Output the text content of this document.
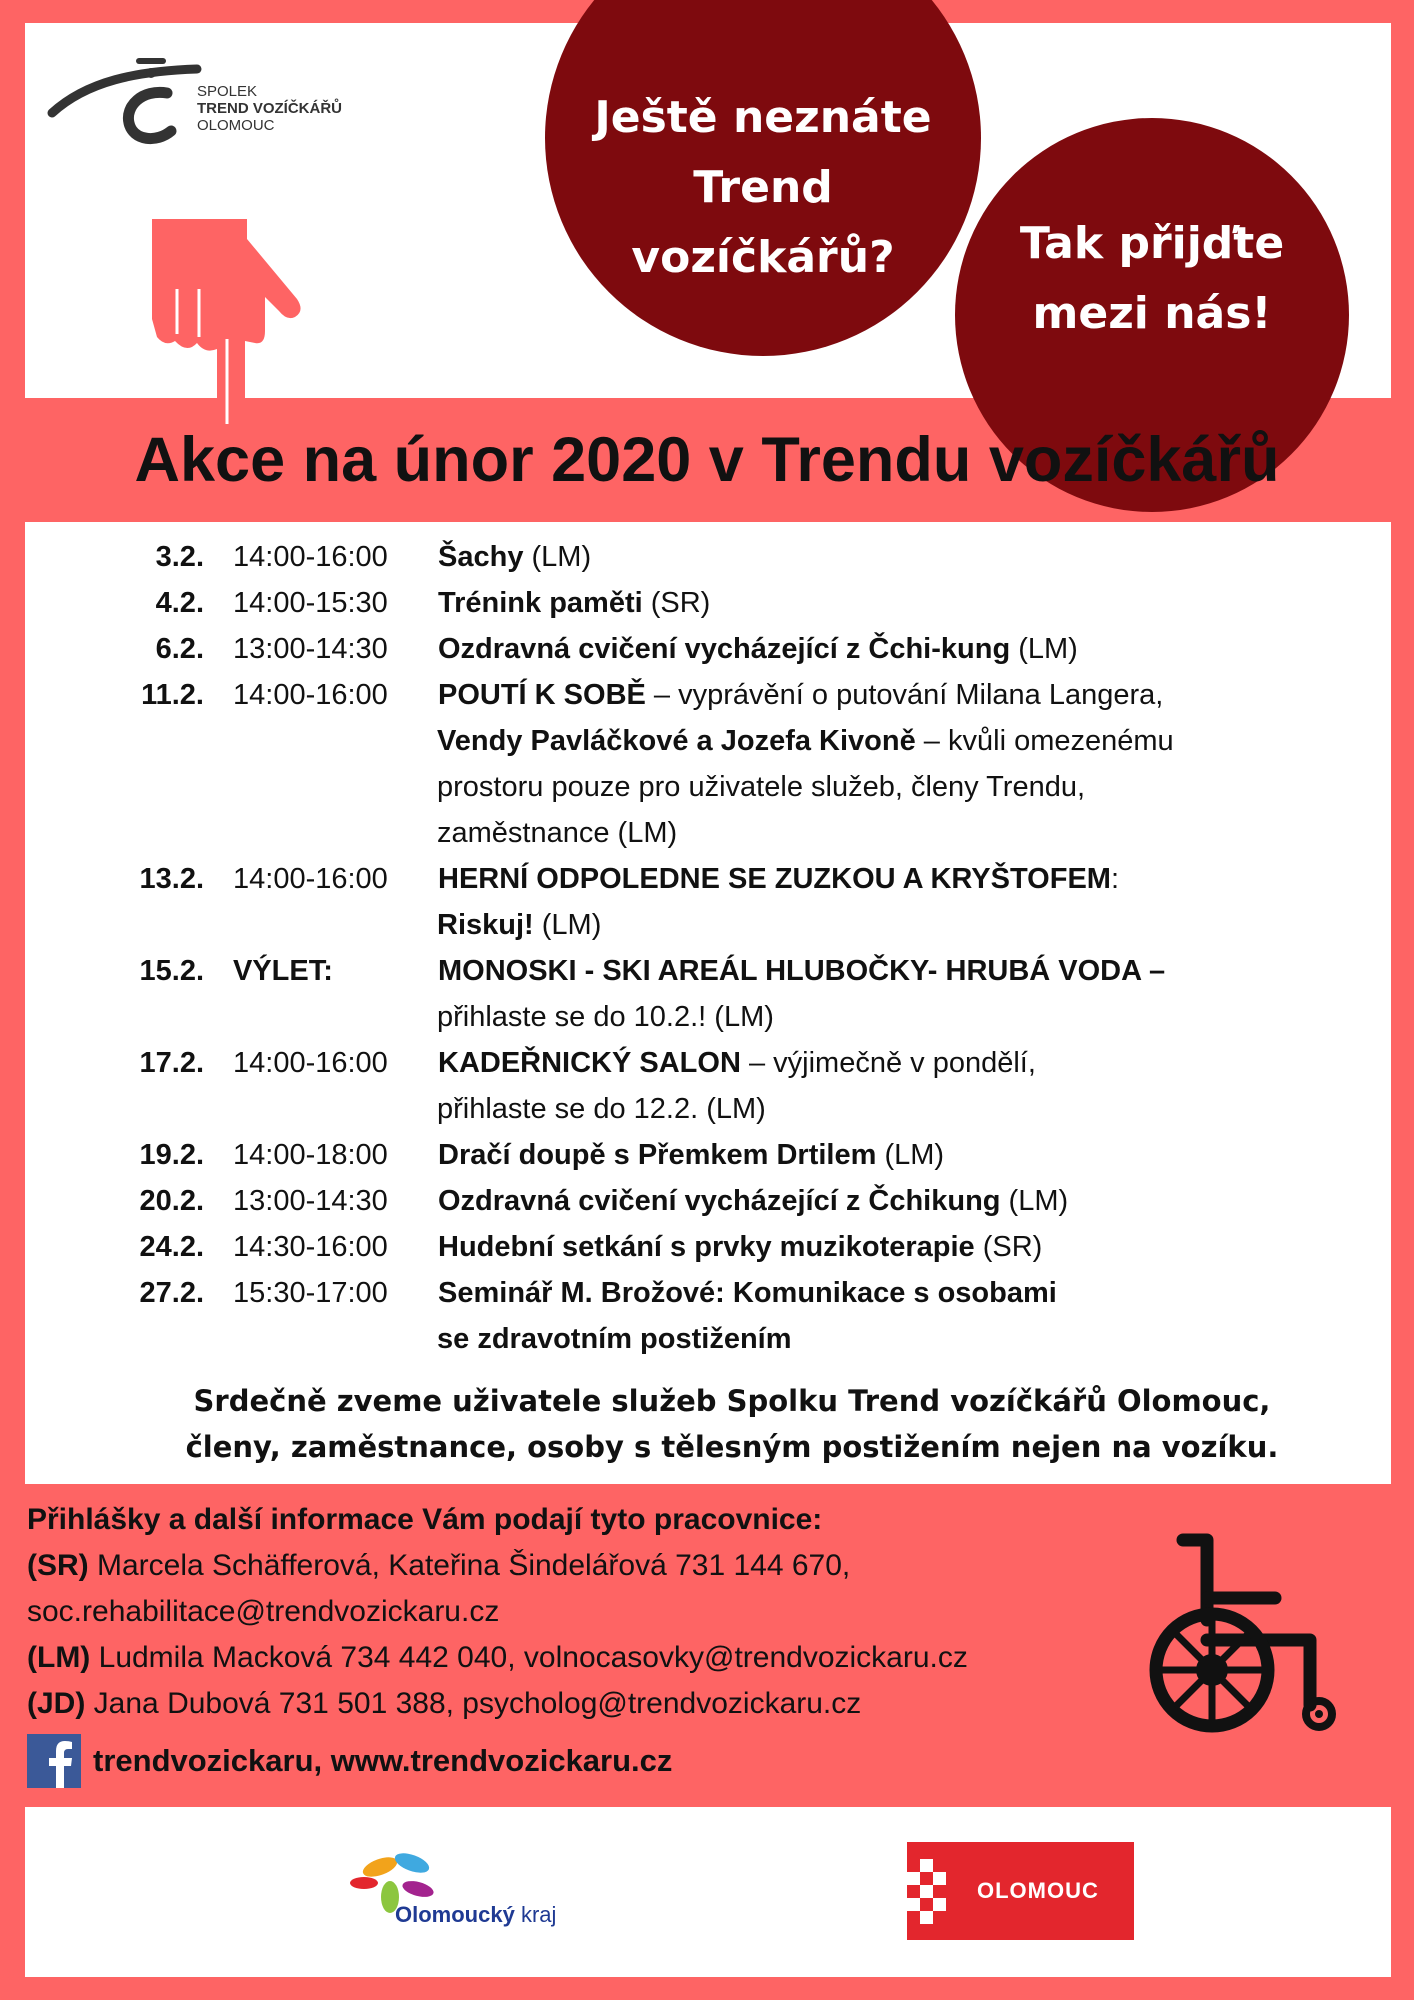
SPOLEK
TREND VOZÍČKÁŘŮ
OLOMOUC	Ještě neznáte
Trend
vozíčkářů?	Tak přijďte
mezi nás!
Akce na únor 2020 v Trendu vozíčkářů
3.2. 14:00-16:00 Šachy (LM)
4.2. 14:00-15:30 Trénink paměti (SR)
6.2. 13:00-14:30 Ozdravná cvičení vycházející z Čchi-kung (LM)
11.2. 14:00-16:00 POUTÍ K SOBĚ – vyprávění o putování Milana Langera,
Vendy Pavláčkové a Jozefa Kivoně – kvůli omezenému
prostoru pouze pro uživatele služeb, členy Trendu,
zaměstnance (LM)
13.2. 14:00-16:00 HERNÍ ODPOLEDNE SE ZUZKOU A KRYŠTOFEM:
Riskuj! (LM)
15.2. VÝLET:	MONOSKI - SKI AREÁL HLUBOČKY- HRUBÁ VODA –
přihlaste se do 10.2.! (LM)
17.2. 14:00-16:00 KADEŘNICKÝ SALON – výjimečně v pondělí,
přihlaste se do 12.2. (LM)
19.2. 14:00-18:00 Dračí doupě s Přemkem Drtilem (LM)
20.2. 13:00-14:30 Ozdravná cvičení vycházející z Čchikung (LM)
24.2. 14:30-16:00 Hudební setkání s prvky muzikoterapie (SR)
27.2. 15:30-17:00 Seminář M. Brožové: Komunikace s osobami
se zdravotním postižením
Srdečně zveme uživatele služeb Spolku Trend vozíčkářů Olomouc,
členy, zaměstnance, osoby s tělesným postižením nejen na vozíku.
Přihlášky a další informace Vám podají tyto pracovnice:
(SR) Marcela Schäfferová, Kateřina Šindelářová 731 144 670,
soc.rehabilitace@trendvozickaru.cz
(LM) Ludmila Macková 734 442 040, volnocasovky@trendvozickaru.cz
(JD) Jana Dubová 731 501 388, psycholog@trendvozickaru.cz
trendvozickaru, www.trendvozickaru.cz
Olomoucký kraj
OLOMOUC
